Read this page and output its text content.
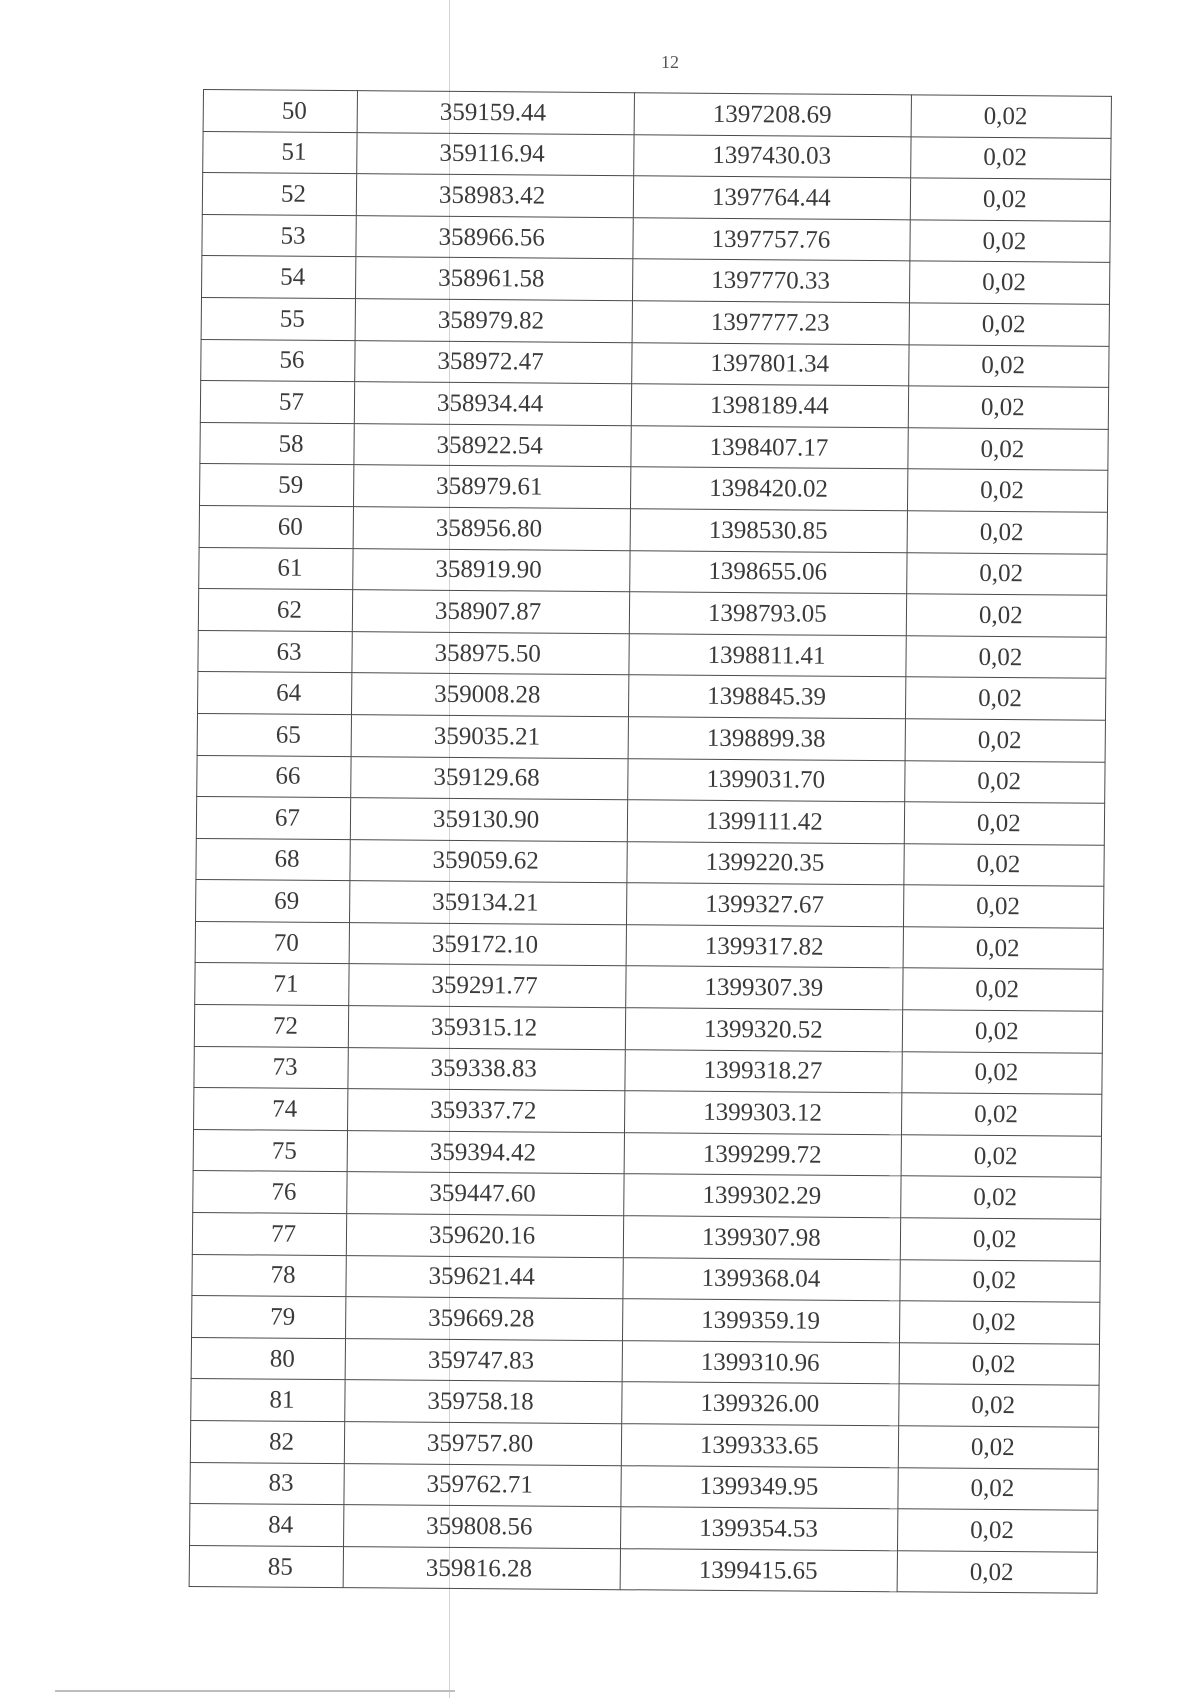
12
50	359159.44	1397208.69	0,02
51	359116.94	1397430.03	0,02
52	358983.42	1397764.44	0,02
53	358966.56	1397757.76	0,02
54	358961.58	1397770.33	0,02
55	358979.82	1397777.23	0,02
56	358972.47	1397801.34	0,02
57	358934.44	1398189.44	0,02
58	358922.54	1398407.17	0,02
59	358979.61	1398420.02	0,02
60	358956.80	1398530.85	0,02
61	358919.90	1398655.06	0,02
62	358907.87	1398793.05	0,02
63	358975.50	1398811.41	0,02
64	359008.28	1398845.39	0,02
65	359035.21	1398899.38	0,02
66	359129.68	1399031.70	0,02
67	359130.90	1399111.42	0,02
68	359059.62	1399220.35	0,02
69	359134.21	1399327.67	0,02
70	359172.10	1399317.82	0,02
71	359291.77	1399307.39	0,02
72	359315.12	1399320.52	0,02
73	359338.83	1399318.27	0,02
74	359337.72	1399303.12	0,02
75	359394.42	1399299.72	0,02
76	359447.60	1399302.29	0,02
77	359620.16	1399307.98	0,02
78	359621.44	1399368.04	0,02
79	359669.28	1399359.19	0,02
80	359747.83	1399310.96	0,02
81	359758.18	1399326.00	0,02
82	359757.80	1399333.65	0,02
83	359762.71	1399349.95	0,02
84	359808.56	1399354.53	0,02
85	359816.28	1399415.65	0,02
